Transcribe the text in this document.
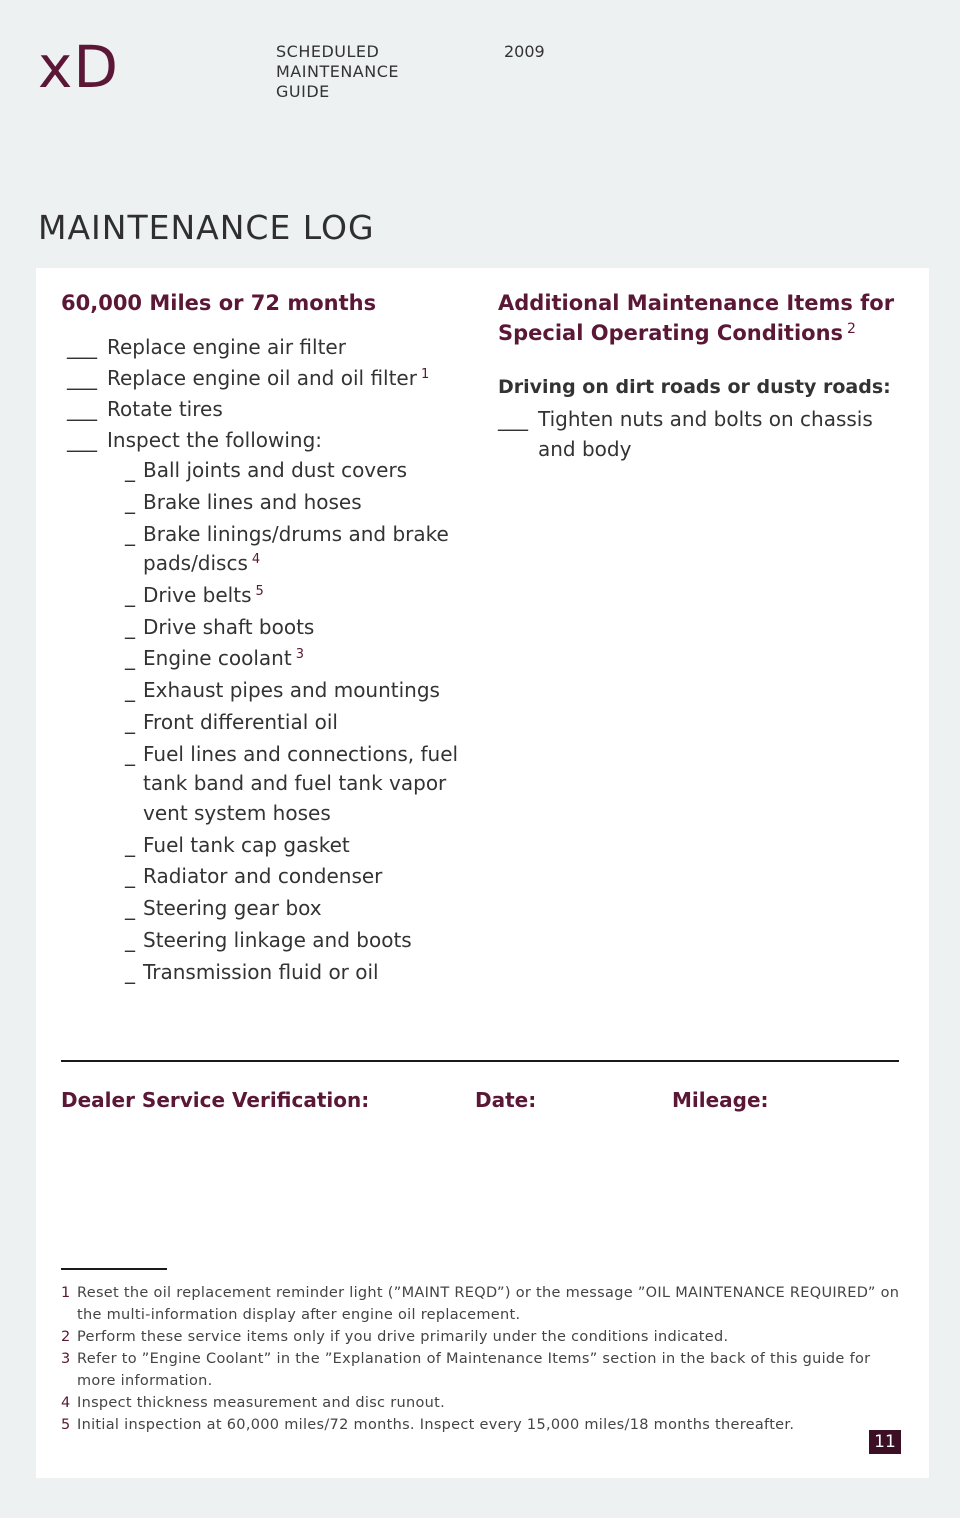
xD	SCHEDULED
MAINTENANCE
GUIDE
2009
MAINTENANCE LOG
60,000 Miles or 72 months
___ Replace engine air filter
___ Replace engine oil and oil filter $^1$
___ Rotate tires
___ Inspect the following:
_ Ball joints and dust covers
_ Brake lines and hoses
_ Brake linings/drums and brake pads/discs $^4$
_ Drive belts $^5$
_ Drive shaft boots
_ Engine coolant $^3$
_ Exhaust pipes and mountings
_ Front differential oil
_ Fuel lines and connections, fuel tank band and fuel tank vapor vent system hoses
_ Fuel tank cap gasket
_ Radiator and condenser
_ Steering gear box
_ Steering linkage and boots
_ Transmission fluid or oil
Additional Maintenance Items for Special Operating Conditions $^2$
Driving on dirt roads or dusty roads:
___ Tighten nuts and bolts on chassis and body
Dealer Service Verification:	Date:	Mileage:
1 Reset the oil replacement reminder light (”MAINT REQD”) or the message ”OIL MAINTENANCE REQUIRED” on the multi-information display after engine oil replacement.
2 Perform these service items only if you drive primarily under the conditions indicated.
3 Refer to ”Engine Coolant” in the ”Explanation of Maintenance Items” section in the back of this guide for more information.
4 Inspect thickness measurement and disc runout.
5 Initial inspection at 60,000 miles/72 months. Inspect every 15,000 miles/18 months thereafter.
11
